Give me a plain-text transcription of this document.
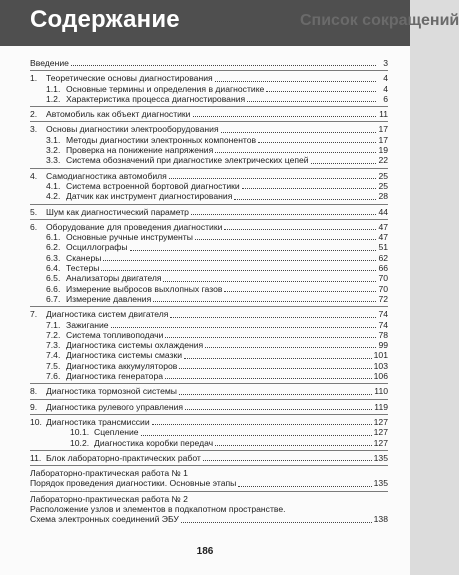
Содержание	Список сокращений
Введение	3
1.	Теоретические основы диагностирования	4
1.1. Основные термины и определения в диагностике	4
1.2. Характеристика процесса диагностирования	6
2.	Автомобиль как объект диагностики	11
3.	Основы диагностики электрооборудования	17
3.1. Методы диагностики электронных компонентов	17
3.2. Проверка на понижение напряжения	19
3.3. Система обозначений при диагностике электрических цепей	22
4.	Самодиагностика автомобиля	25
4.1. Система встроенной бортовой диагностики	25
4.2. Датчик как инструмент диагностирования	28
5.	Шум как диагностический параметр	44
6.	Оборудование для проведения диагностики	47
6.1. Основные ручные инструменты	47
6.2. Осциллографы	51
6.3. Сканеры	62
6.4. Тестеры	66
6.5. Анализаторы двигателя	70
6.6. Измерение выбросов выхлопных газов	70
6.7. Измерение давления	72
7.	Диагностика систем двигателя	74
7.1. Зажигание	74
7.2. Система топливоподачи	78
7.3. Диагностика системы охлаждения	99
7.4. Диагностика системы смазки	101
7.5. Диагностика аккумуляторов	103
7.6. Диагностика генератора	106
8.	Диагностика тормозной системы	110
9.	Диагностика рулевого управления	119
10. Диагностика трансмиссии	127
10.1. Сцепление	127
10.2. Диагностика коробки передач	127
11. Блок лабораторно-практических работ	135
Лабораторно-практическая работа № 1
Порядок проведения диагностики. Основные этапы	135
Лабораторно-практическая работа № 2
Расположение узлов и элементов в подкапотном пространстве.
Схема электронных соединений ЭБУ	138
186
